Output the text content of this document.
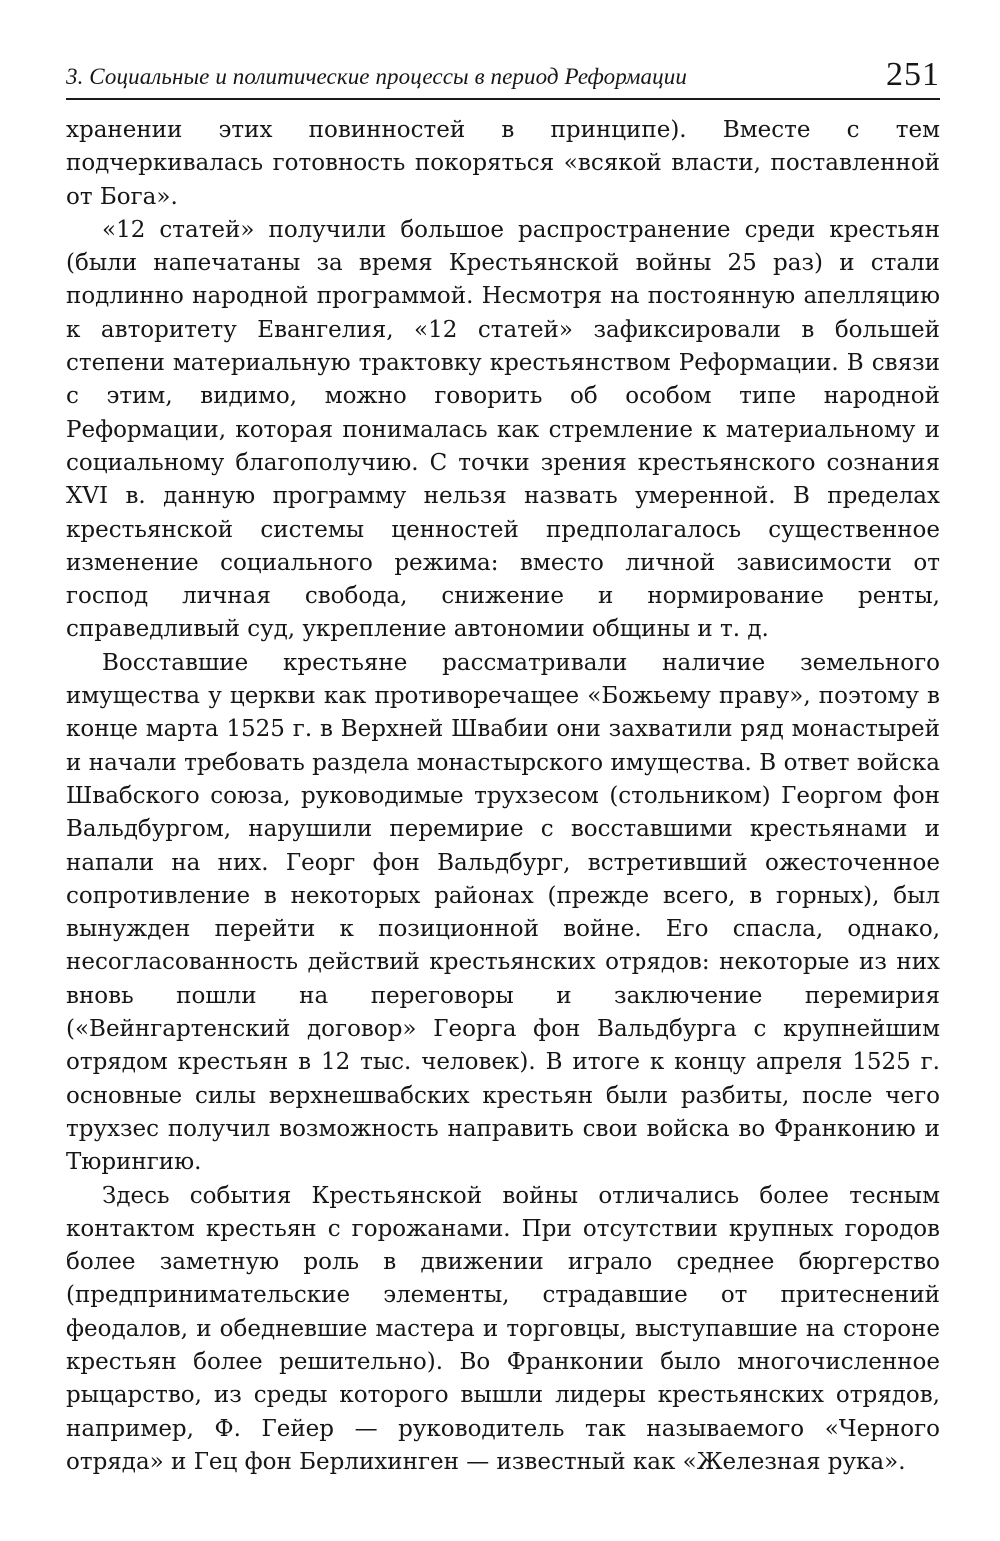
3. Социальные и политические процессы в период Реформации	251

хранении этих повинностей в принципе). Вместе с тем подчеркивалась готовность покоряться «всякой власти, поставленной от Бога».

«12 статей» получили большое распространение среди крестьян (были напечатаны за время Крестьянской войны 25 раз) и стали подлинно народной программой. Несмотря на постоянную апелляцию к авторитету Евангелия, «12 статей» зафиксировали в большей степени материальную трактовку крестьянством Реформации. В связи с этим, видимо, можно говорить об особом типе народной Реформации, которая понималась как стремление к материальному и социальному благополучию. С точки зрения крестьянского сознания XVI в. данную программу нельзя назвать умеренной. В пределах крестьянской системы ценностей предполагалось существенное изменение социального режима: вместо личной зависимости от господ личная свобода, снижение и нормирование ренты, справедливый суд, укрепление автономии общины и т. д.

Восставшие крестьяне рассматривали наличие земельного имущества у церкви как противоречащее «Божьему праву», поэтому в конце марта 1525 г. в Верхней Швабии они захватили ряд монастырей и начали требовать раздела монастырского имущества. В ответ войска Швабского союза, руководимые трухзесом (стольником) Георгом фон Вальдбургом, нарушили перемирие с восставшими крестьянами и напали на них. Георг фон Вальдбург, встретивший ожесточенное сопротивление в некоторых районах (прежде всего, в горных), был вынужден перейти к позиционной войне. Его спасла, однако, несогласованность действий крестьянских отрядов: некоторые из них вновь пошли на переговоры и заключение перемирия («Вейнгартенский договор» Георга фон Вальдбурга с крупнейшим отрядом крестьян в 12 тыс. человек). В итоге к концу апреля 1525 г. основные силы верхнешвабских крестьян были разбиты, после чего трухзес получил возможность направить свои войска во Франконию и Тюрингию.

Здесь события Крестьянской войны отличались более тесным контактом крестьян с горожанами. При отсутствии крупных городов более заметную роль в движении играло среднее бюргерство (предпринимательские элементы, страдавшие от притеснений феодалов, и обедневшие мастера и торговцы, выступавшие на стороне крестьян более решительно). Во Франконии было многочисленное рыцарство, из среды которого вышли лидеры крестьянских отрядов, например, Ф. Гейер — руководитель так называемого «Черного отряда» и Гец фон Берлихинген — известный как «Железная рука».
